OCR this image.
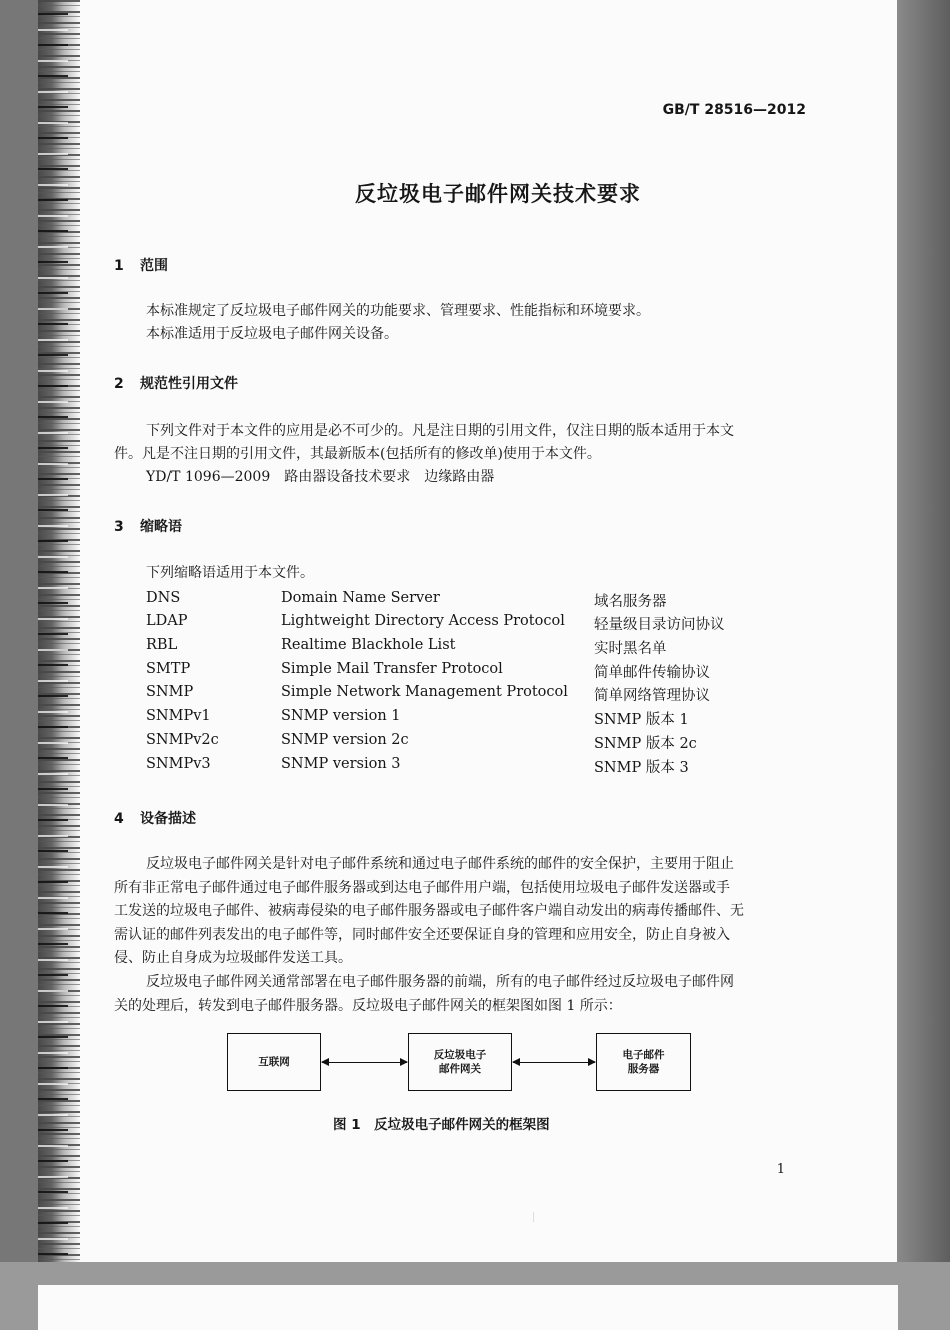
GB/T 28516—2012
反垃圾电子邮件网关技术要求
1 范围
本标准规定了反垃圾电子邮件网关的功能要求、管理要求、性能指标和环境要求。
本标准适用于反垃圾电子邮件网关设备。
2 规范性引用文件
下列文件对于本文件的应用是必不可少的。凡是注日期的引用文件，仅注日期的版本适用于本文
件。凡是不注日期的引用文件，其最新版本(包括所有的修改单)使用于本文件。
YD/T 1096—2009　路由器设备技术要求　边缘路由器
3 缩略语
下列缩略语适用于本文件。
DNS	Domain Name Server	域名服务器
LDAP	Lightweight Directory Access Protocol 轻量级目录访问协议
RBL	Realtime Blackhole List	实时黑名单
SMTP	Simple Mail Transfer Protocol	简单邮件传输协议
SNMP	Simple Network Management Protocol 简单网络管理协议
SNMPv1	SNMP version 1	SNMP 版本 1
SNMPv2c	SNMP version 2c	SNMP 版本 2c
SNMPv3	SNMP version 3	SNMP 版本 3
4 设备描述
反垃圾电子邮件网关是针对电子邮件系统和通过电子邮件系统的邮件的安全保护，主要用于阻止
所有非正常电子邮件通过电子邮件服务器或到达电子邮件用户端，包括使用垃圾电子邮件发送器或手
工发送的垃圾电子邮件、被病毒侵染的电子邮件服务器或电子邮件客户端自动发出的病毒传播邮件、无
需认证的邮件列表发出的电子邮件等，同时邮件安全还要保证自身的管理和应用安全，防止自身被入
侵、防止自身成为垃圾邮件发送工具。
反垃圾电子邮件网关通常部署在电子邮件服务器的前端，所有的电子邮件经过反垃圾电子邮件网
关的处理后，转发到电子邮件服务器。反垃圾电子邮件网关的框架图如图 1 所示：
互联网
反垃圾电子
邮件网关
电子邮件
服务器
图 1　反垃圾电子邮件网关的框架图
1
